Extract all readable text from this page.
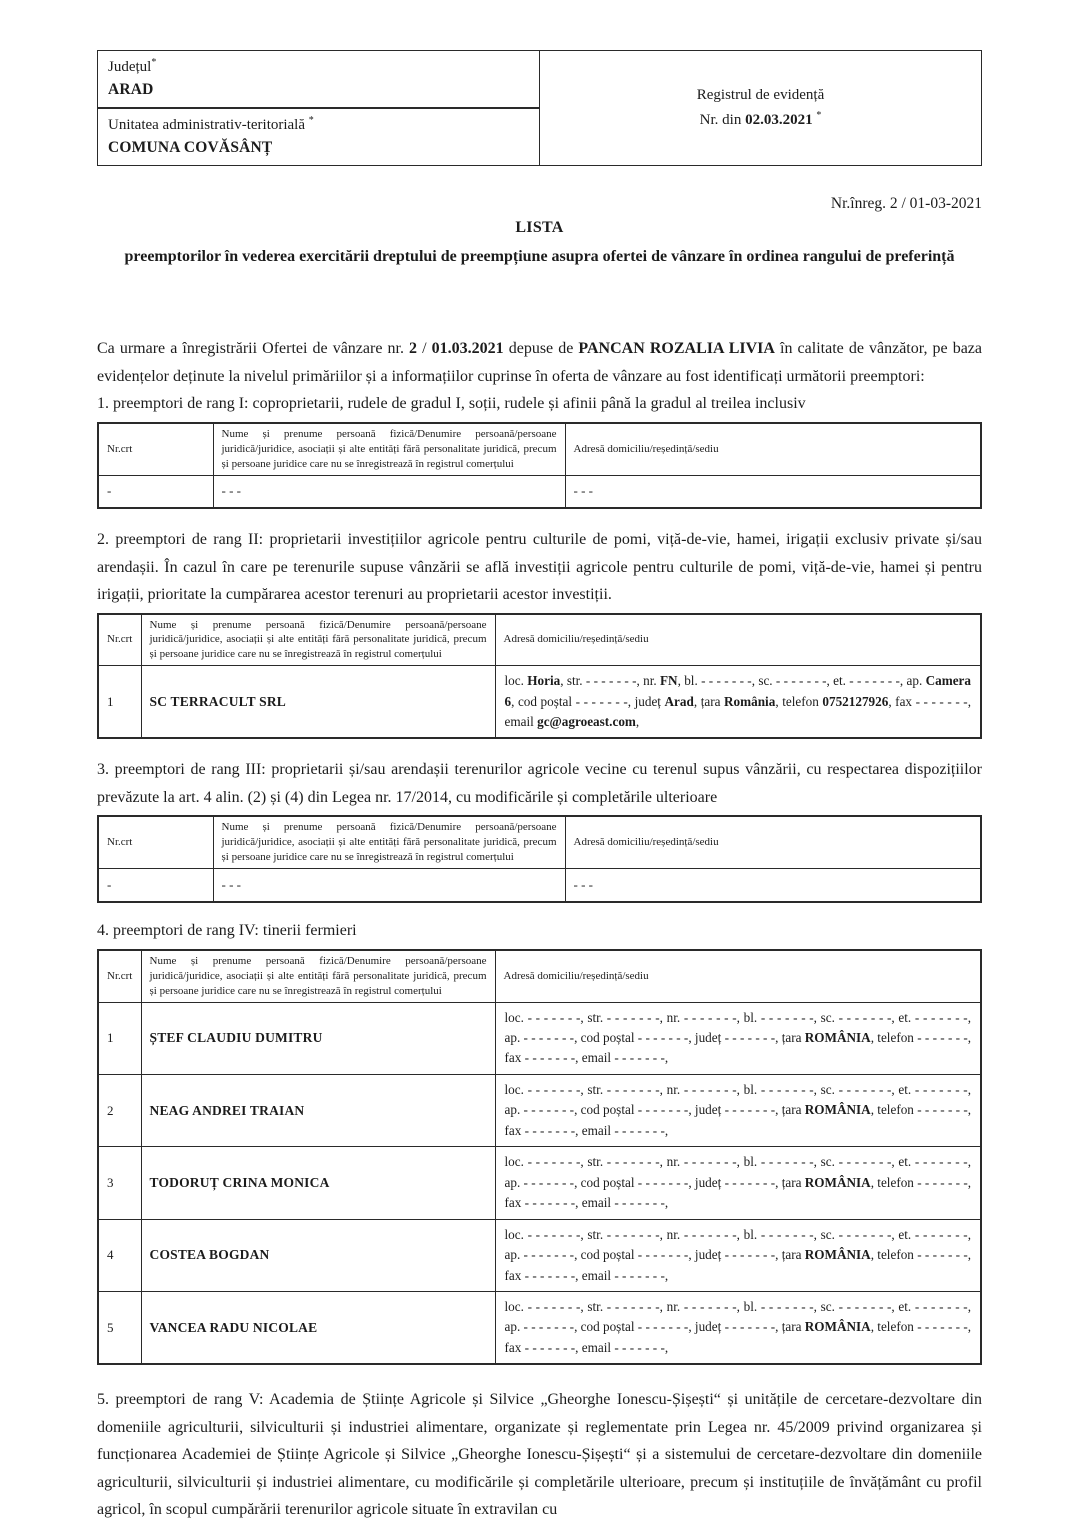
Județul*
ARAD
Unitatea administrativ-teritorială *
COMUNA COVĂSÂNȚ
Registrul de evidență
Nr. din 02.03.2021 *
Nr.înreg. 2 / 01-03-2021
LISTA
preemptorilor în vederea exercitării dreptului de preempțiune asupra ofertei de vânzare în ordinea rangului de preferință

Ca urmare a înregistrării Ofertei de vânzare nr. 2 / 01.03.2021 depuse de PANCAN ROZALIA LIVIA în calitate de vânzător, pe baza evidențelor deținute la nivelul primăriilor și a informațiilor cuprinse în oferta de vânzare au fost identificați următorii preemptori:

1. preemptori de rang I: coproprietarii, rudele de gradul I, soții, rudele și afinii până la gradul al treilea inclusiv

Nr.crt	Nume și prenume persoană fizică/Denumire persoană/persoane juridică/juridice, asociații și alte entități fără personalitate juridică, precum și persoane juridice care nu se înregistrează în registrul comerțului	Adresă domiciliu/reședință/sediu
-	- - -	- - -

2. preemptori de rang II: proprietarii investițiilor agricole pentru culturile de pomi, viță-de-vie, hamei, irigații exclusiv private și/sau arendașii. În cazul în care pe terenurile supuse vânzării se află investiții agricole pentru culturile de pomi, viță-de-vie, hamei și pentru irigații, prioritate la cumpărarea acestor terenuri au proprietarii acestor investiții.

Nr.crt	Nume și prenume persoană fizică/Denumire persoană/persoane juridică/juridice, asociații și alte entități fără personalitate juridică, precum și persoane juridice care nu se înregistrează în registrul comerțului	Adresă domiciliu/reședință/sediu
1	SC TERRACULT SRL	loc. Horia, str. - - - - - - -, nr. FN, bl. - - - - - - -, sc. - - - - - - -, et. - - - - - - -, ap. Camera 6, cod poștal - - - - - - -, județ Arad, țara România, telefon 0752127926, fax - - - - - - -, email gc@agroeast.com,

3. preemptori de rang III: proprietarii și/sau arendașii terenurilor agricole vecine cu terenul supus vânzării, cu respectarea dispozițiilor prevăzute la art. 4 alin. (2) și (4) din Legea nr. 17/2014, cu modificările și completările ulterioare

Nr.crt	Nume și prenume persoană fizică/Denumire persoană/persoane juridică/juridice, asociații și alte entități fără personalitate juridică, precum și persoane juridice care nu se înregistrează în registrul comerțului	Adresă domiciliu/reședință/sediu
-	- - -	- - -

4. preemptori de rang IV: tinerii fermieri

Nr.crt	Nume și prenume persoană fizică/Denumire persoană/persoane juridică/juridice, asociații și alte entități fără personalitate juridică, precum și persoane juridice care nu se înregistrează în registrul comerțului	Adresă domiciliu/reședință/sediu
1	ȘTEF CLAUDIU DUMITRU	loc. - - - - - - -, str. - - - - - - -, nr. - - - - - - -, bl. - - - - - - -, sc. - - - - - - -, et. - - - - - - -, ap. - - - - - - -, cod poștal - - - - - - -, județ - - - - - - -, țara ROMÂNIA, telefon - - - - - - -, fax - - - - - - -, email - - - - - - -,
2	NEAG ANDREI TRAIAN	loc. - - - - - - -, str. - - - - - - -, nr. - - - - - - -, bl. - - - - - - -, sc. - - - - - - -, et. - - - - - - -, ap. - - - - - - -, cod poștal - - - - - - -, județ - - - - - - -, țara ROMÂNIA, telefon - - - - - - -, fax - - - - - - -, email - - - - - - -,
3	TODORUȚ CRINA MONICA	loc. - - - - - - -, str. - - - - - - -, nr. - - - - - - -, bl. - - - - - - -, sc. - - - - - - -, et. - - - - - - -, ap. - - - - - - -, cod poștal - - - - - - -, județ - - - - - - -, țara ROMÂNIA, telefon - - - - - - -, fax - - - - - - -, email - - - - - - -,
4	COSTEA BOGDAN	loc. - - - - - - -, str. - - - - - - -, nr. - - - - - - -, bl. - - - - - - -, sc. - - - - - - -, et. - - - - - - -, ap. - - - - - - -, cod poștal - - - - - - -, județ - - - - - - -, țara ROMÂNIA, telefon - - - - - - -, fax - - - - - - -, email - - - - - - -,
5	VANCEA RADU NICOLAE	loc. - - - - - - -, str. - - - - - - -, nr. - - - - - - -, bl. - - - - - - -, sc. - - - - - - -, et. - - - - - - -, ap. - - - - - - -, cod poștal - - - - - - -, județ - - - - - - -, țara ROMÂNIA, telefon - - - - - - -, fax - - - - - - -, email - - - - - - -,

5. preemptori de rang V: Academia de Științe Agricole și Silvice „Gheorghe Ionescu-Șișești“ și unitățile de cercetare-dezvoltare din domeniile agriculturii, silviculturii și industriei alimentare, organizate și reglementate prin Legea nr. 45/2009 privind organizarea și funcționarea Academiei de Științe Agricole și Silvice „Gheorghe Ionescu-Șișești“ și a sistemului de cercetare-dezvoltare din domeniile agriculturii, silviculturii și industriei alimentare, cu modificările și completările ulterioare, precum și instituțiile de învățământ cu profil agricol, în scopul cumpărării terenurilor agricole situate în extravilan cu
